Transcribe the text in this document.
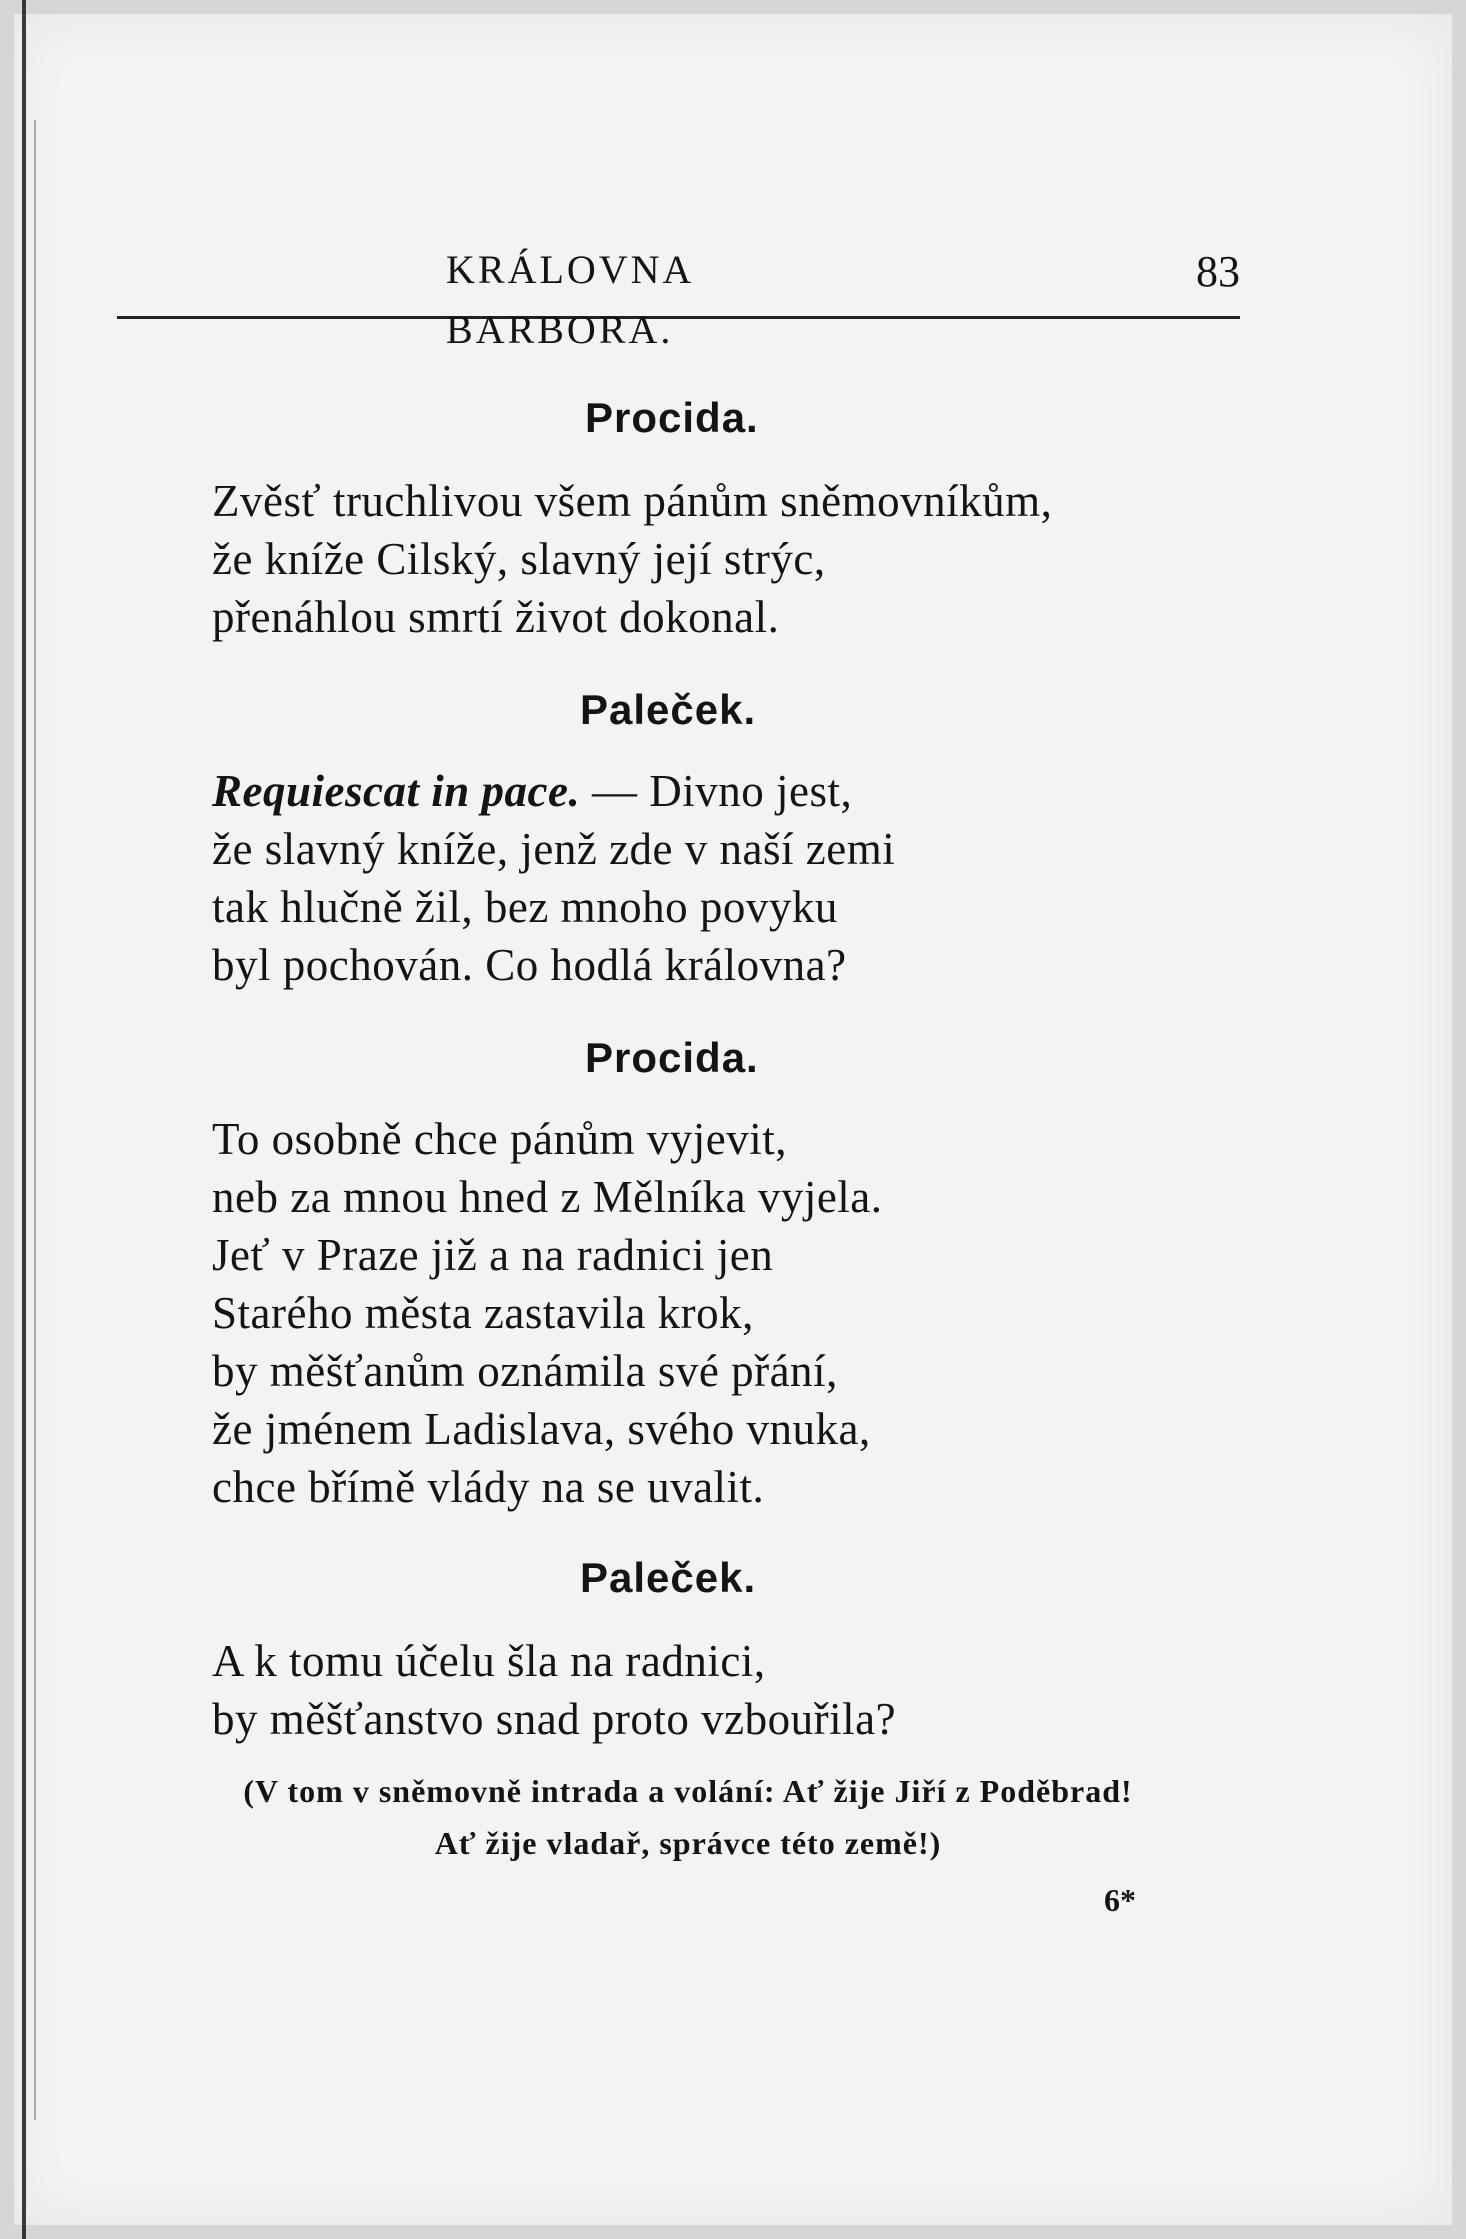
KRÁLOVNA BARBORA.
83
Procida.
Zvěsť truchlivou všem pánům sněmovníkům,
že kníže Cilský, slavný její strýc,
přenáhlou smrtí život dokonal.
Paleček.
Requiescat in pace. — Divno jest,
že slavný kníže, jenž zde v naší zemi
tak hlučně žil, bez mnoho povyku
byl pochován. Co hodlá královna?
Procida.
To osobně chce pánům vyjevit,
neb za mnou hned z Mělníka vyjela.
Jeť v Praze již a na radnici jen
Starého města zastavila krok,
by měšťanům oznámila své přání,
že jménem Ladislava, svého vnuka,
chce břímě vlády na se uvalit.
Paleček.
A k tomu účelu šla na radnici,
by měšťanstvo snad proto vzbouřila?
(V tom v sněmovně intrada a volání: Ať žije Jiří z Poděbrad!
Ať žije vladař, správce této země!)
6*
